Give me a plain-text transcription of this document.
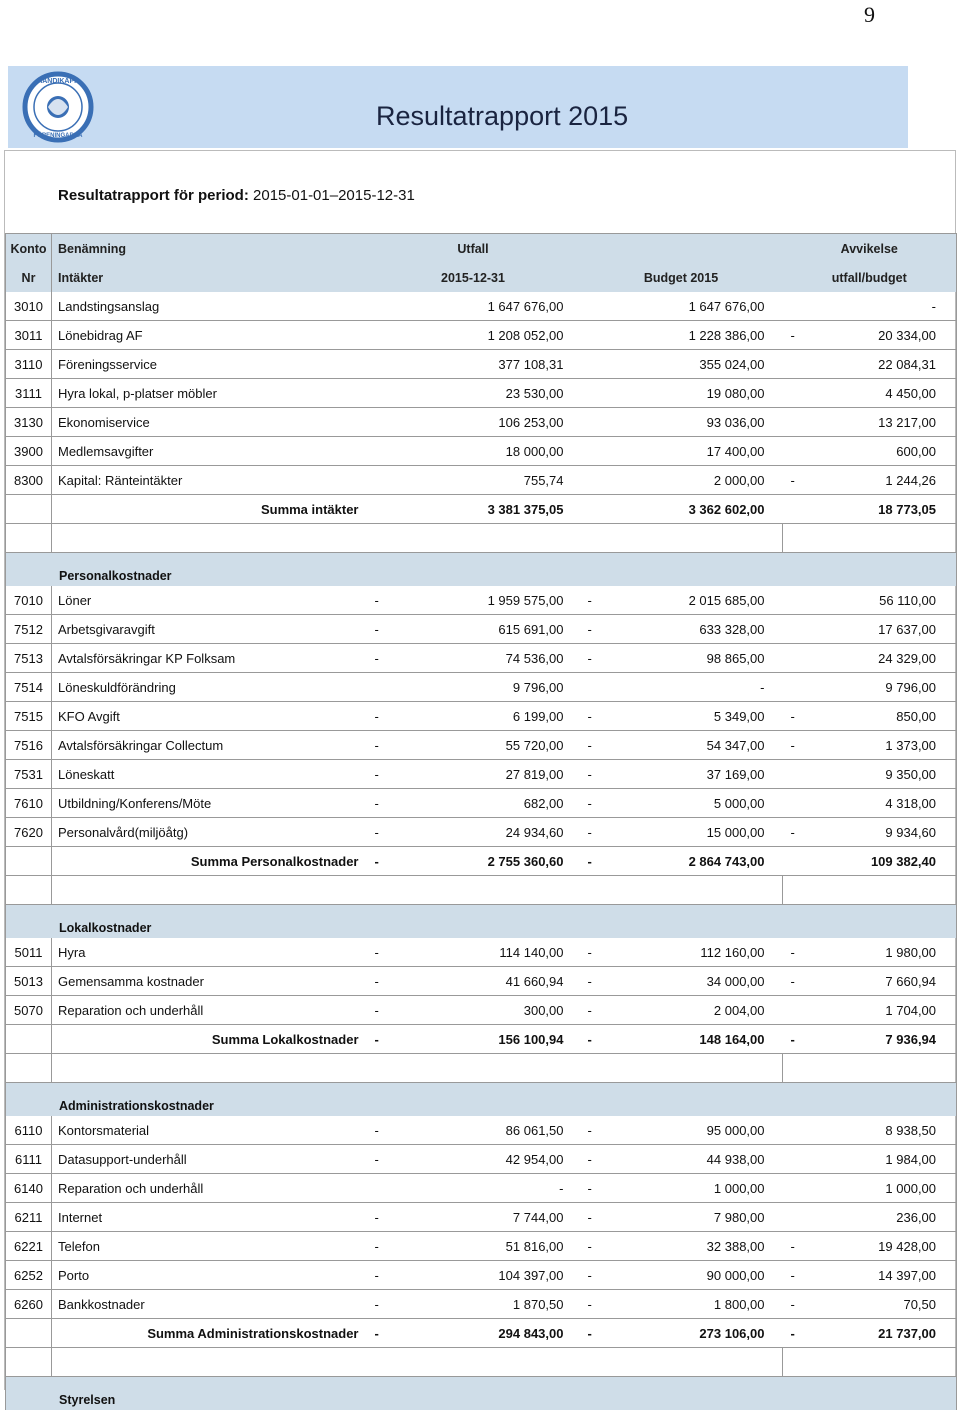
9
HANDIKAPP
FÖRENINGARNA
Resultatrapport 2015
Resultatrapport för period: 2015-01-01–2015-12-31
Konto	Benämning	Utfall				Avvikelse	
Nr	Intäkter	2015-12-31		Budget 2015		utfall/budget	
3010	Landstingsanslag		1 647 676,00		1 647 676,00		-
3011	Lönebidrag AF		1 208 052,00		1 228 386,00	-	20 334,00
3110	Föreningsservice		377 108,31		355 024,00		22 084,31
3111	Hyra lokal, p-platser möbler		23 530,00		19 080,00		4 450,00
3130	Ekonomiservice		106 253,00		93 036,00		13 217,00
3900	Medlemsavgifter		18 000,00		17 400,00		600,00
8300	Kapital: Ränteintäkter		755,74		2 000,00	-	1 244,26
	Summa intäkter		3 381 375,05		3 362 602,00		18 773,05

Personalkostnader							
7010	Löner	-	1 959 575,00	-	2 015 685,00		56 110,00
7512	Arbetsgivaravgift	-	615 691,00	-	633 328,00		17 637,00
7513	Avtalsförsäkringar KP Folksam	-	74 536,00	-	98 865,00		24 329,00
7514	Löneskuldförändring		9 796,00		-		9 796,00
7515	KFO Avgift	-	6 199,00	-	5 349,00	-	850,00
7516	Avtalsförsäkringar Collectum	-	55 720,00	-	54 347,00	-	1 373,00
7531	Löneskatt	-	27 819,00	-	37 169,00		9 350,00
7610	Utbildning/Konferens/Möte	-	682,00	-	5 000,00		4 318,00
7620	Personalvård(miljöåtg)	-	24 934,60	-	15 000,00	-	9 934,60
	Summa Personalkostnader	-	2 755 360,60	-	2 864 743,00		109 382,40

Lokalkostnader							
5011	Hyra	-	114 140,00	-	112 160,00	-	1 980,00
5013	Gemensamma kostnader	-	41 660,94	-	34 000,00	-	7 660,94
5070	Reparation och underhåll	-	300,00	-	2 004,00		1 704,00
	Summa Lokalkostnader	-	156 100,94	-	148 164,00	-	7 936,94

Administrationskostnader							
6110	Kontorsmaterial	-	86 061,50	-	95 000,00		8 938,50
6111	Datasupport-underhåll	-	42 954,00	-	44 938,00		1 984,00
6140	Reparation och underhåll		-	-	1 000,00		1 000,00
6211	Internet	-	7 744,00	-	7 980,00		236,00
6221	Telefon	-	51 816,00	-	32 388,00	-	19 428,00
6252	Porto	-	104 397,00	-	90 000,00	-	14 397,00
6260	Bankkostnader	-	1 870,50	-	1 800,00	-	70,50
	Summa Administrationskostnader	-	294 843,00	-	273 106,00	-	21 737,00

Styrelsen							
